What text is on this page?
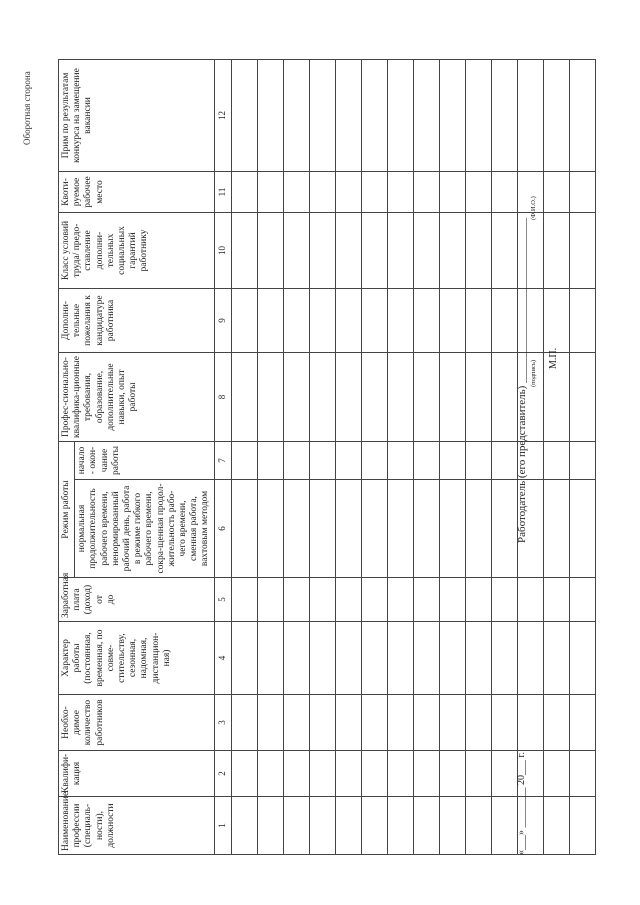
Оборотная сторона
Наименование профессии (специаль-ности), должности	Квалифи-кация	Необхо-димое количество работников	Характер работы (постоянная, временная, по совме-стительству, сезонная, надомная, дистанцион-ная)	Заработная плата (доход) от до	Режим работы		Профес-сионально-квалифика-ционные требования, образование, дополнительные навыки, опыт работы	Дополни-тельные пожелания к кандидатуре работника	Класс условий труда/ предо-ставление дополни-тельных социальных гарантий работнику	Квоти-руемое рабочее место	Прим по результатам конкурса на замещение вакансии
					нормальная продолжительность рабочего времени, ненормированный рабочий день, работа в режиме гибкого рабочего времени, сокра-щенная продол-жительность рабо-чего времени, сменная работа, вахтовым методом	начало - окон-чание работы					
1	2	3	4	5	6	7	8	9	10	11	12

«___» ________ 20___ г.
Работодатель (его представитель) ______________________________ (подпись)
(Ф.И.О.)
М.П.
